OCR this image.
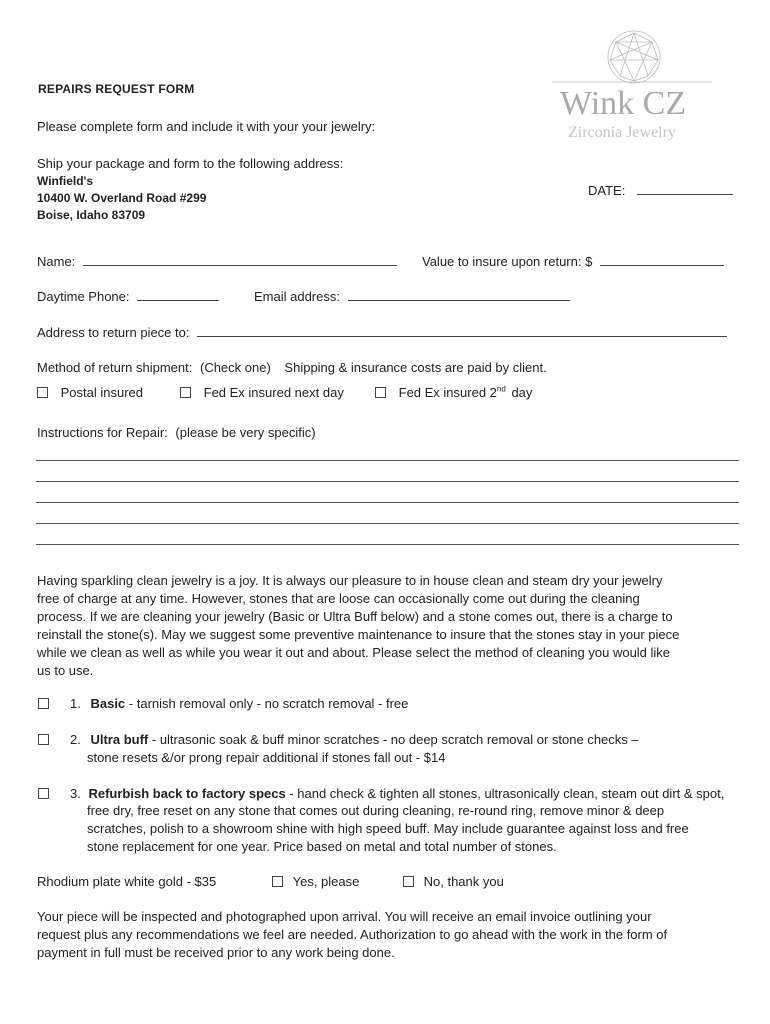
Wink CZ
Zirconia Jewelry
REPAIRS REQUEST FORM
Please complete form and include it with your your jewelry:
Ship your package and form to the following address:
Winfield's
10400 W. Overland Road #299
Boise, Idaho 83709
DATE:
Name:	Value to insure upon return: $
Daytime Phone:	Email address:
Address to return piece to:
Method of return shipment: (Check one) Shipping & insurance costs are paid by client.
Postal insured	Fed Ex insured next day	Fed Ex insured 2nd day
Instructions for Repair: (please be very specific)
Having sparkling clean jewelry is a joy. It is always our pleasure to in house clean and steam dry your jewelry
free of charge at any time. However, stones that are loose can occasionally come out during the cleaning
process. If we are cleaning your jewelry (Basic or Ultra Buff below) and a stone comes out, there is a charge to
reinstall the stone(s). May we suggest some preventive maintenance to insure that the stones stay in your piece
while we clean as well as while you wear it out and about. Please select the method of cleaning you would like
us to use.
1. Basic - tarnish removal only - no scratch removal - free
2. Ultra buff - ultrasonic soak & buff minor scratches - no deep scratch removal or stone checks –
stone resets &/or prong repair additional if stones fall out - $14
3. Refurbish back to factory specs - hand check & tighten all stones, ultrasonically clean, steam out dirt & spot,
free dry, free reset on any stone that comes out during cleaning, re-round ring, remove minor & deep
scratches, polish to a showroom shine with high speed buff. May include guarantee against loss and free
stone replacement for one year. Price based on metal and total number of stones.
Rhodium plate white gold - $35	Yes, please	No, thank you
Your piece will be inspected and photographed upon arrival. You will receive an email invoice outlining your
request plus any recommendations we feel are needed. Authorization to go ahead with the work in the form of
payment in full must be received prior to any work being done.
